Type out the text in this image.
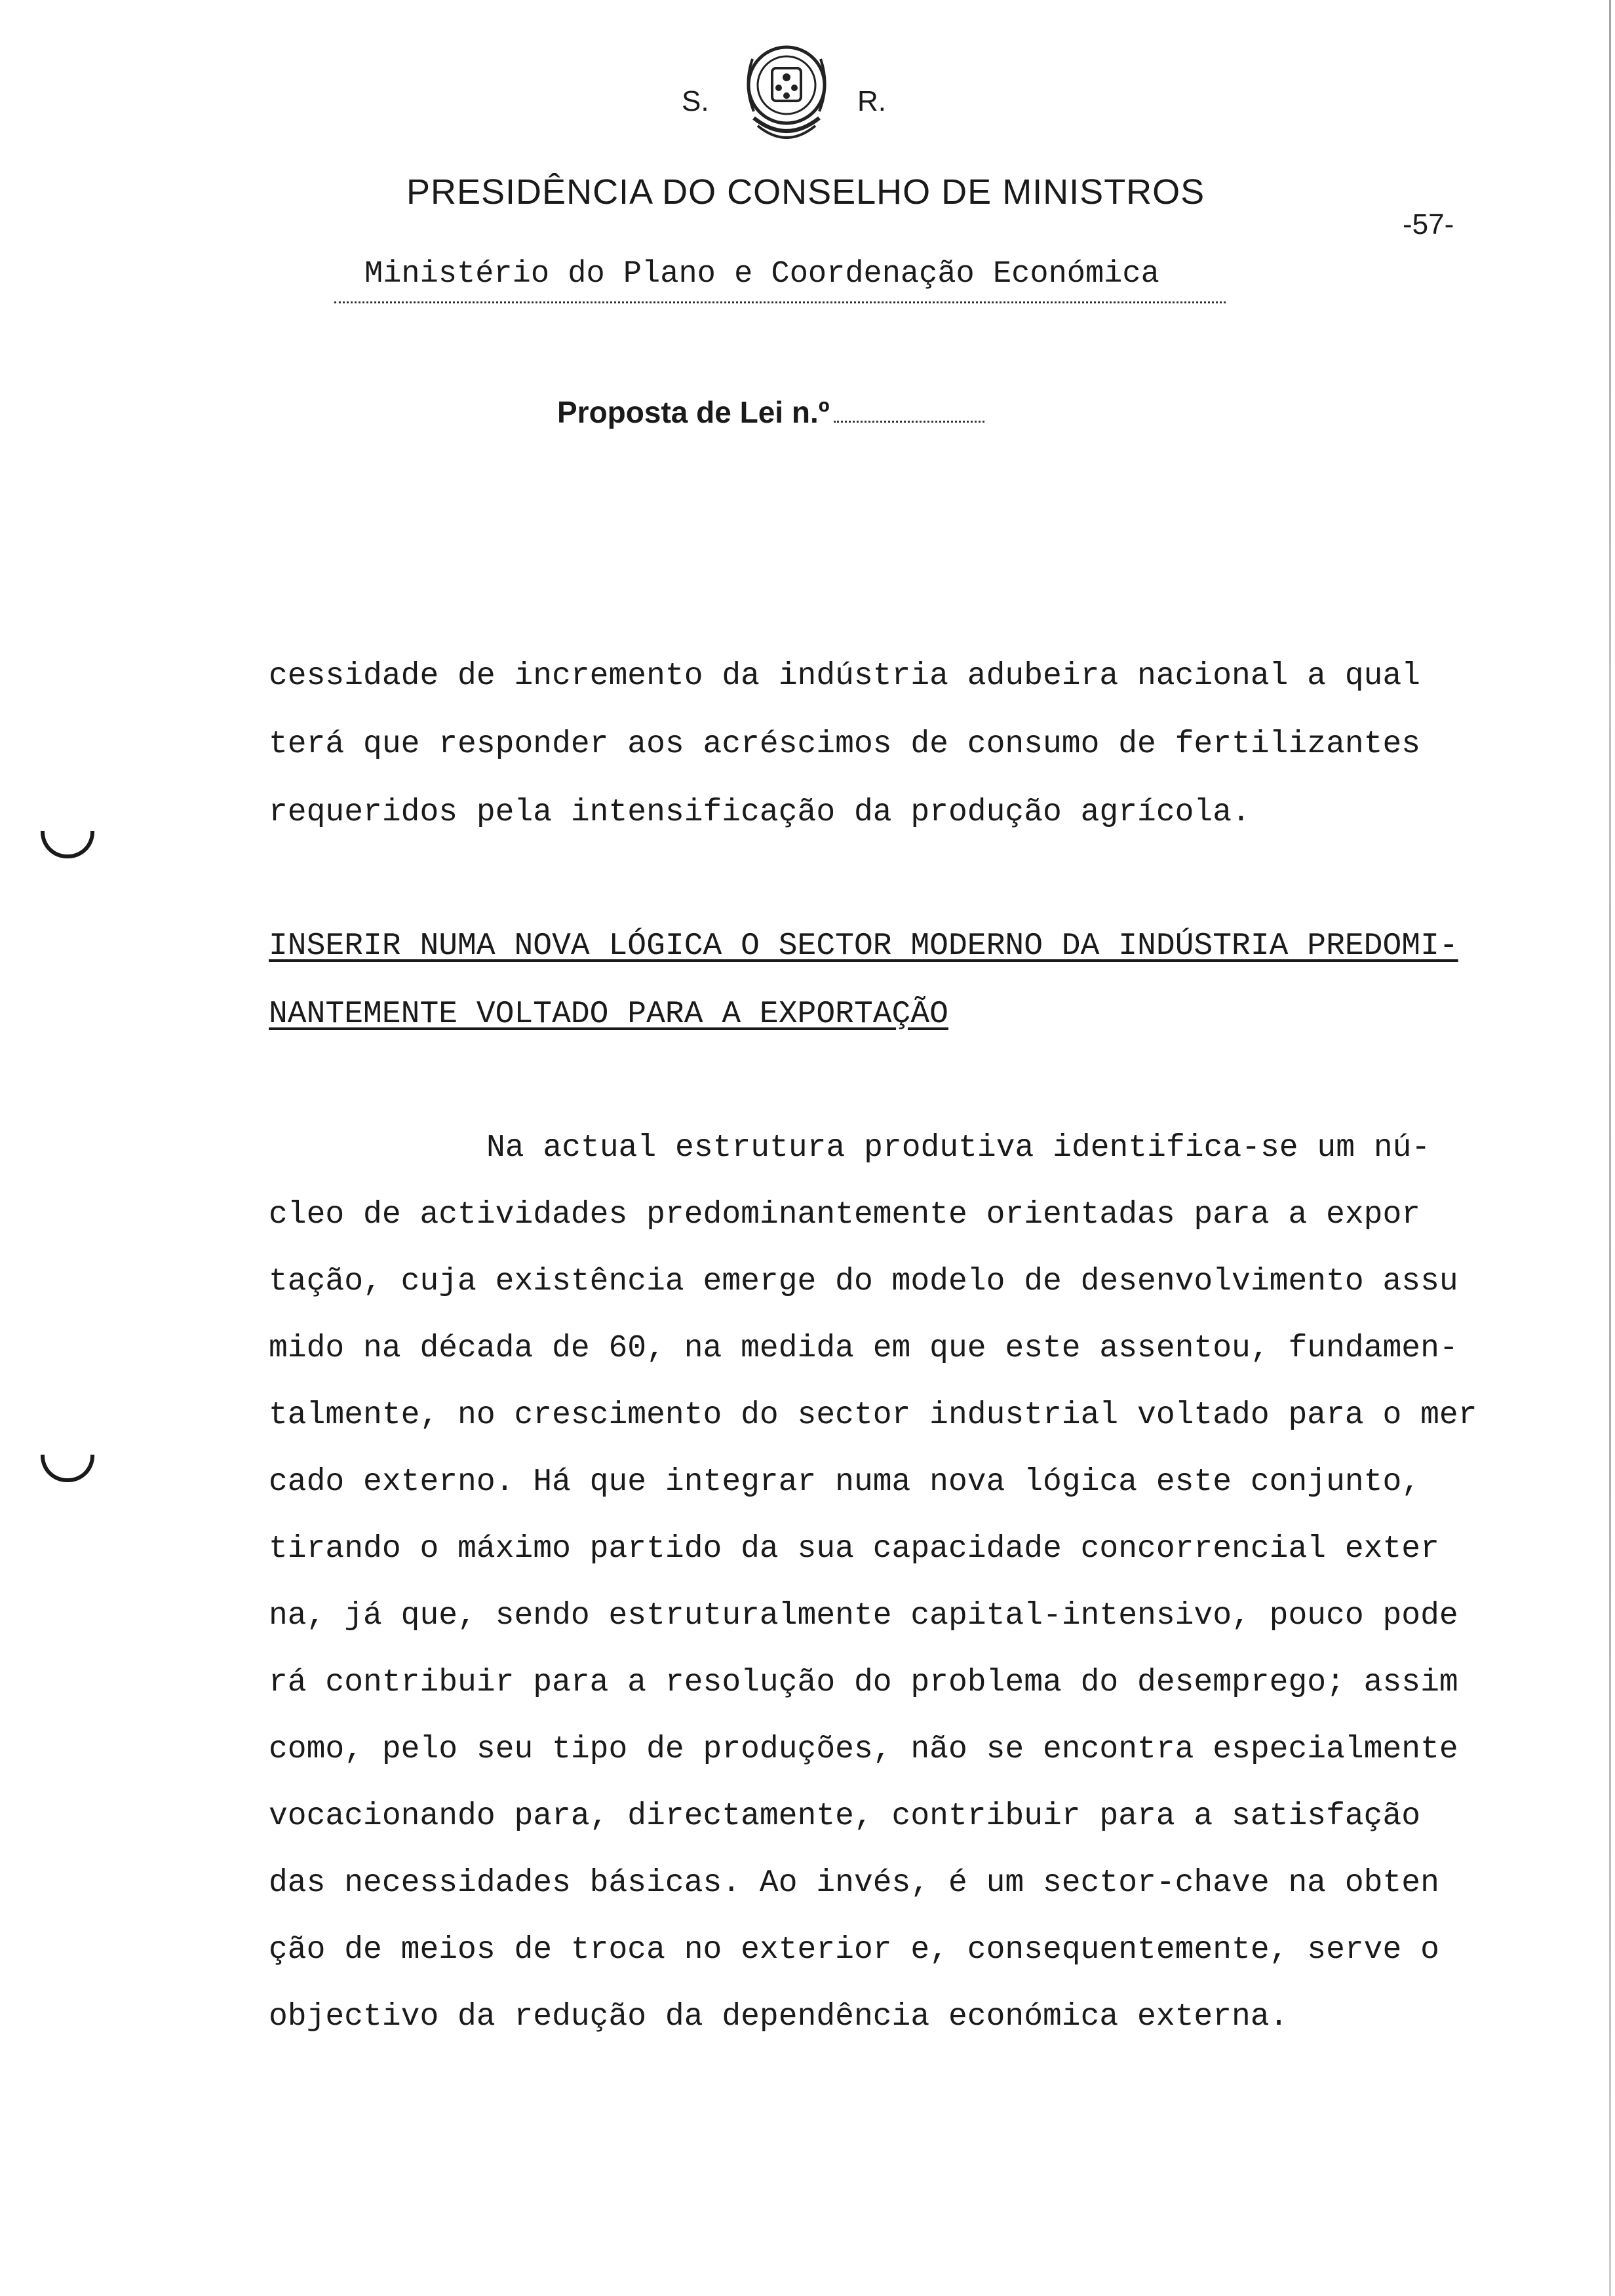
S.	R.
PRESIDÊNCIA DO CONSELHO DE MINISTROS
-57-
Ministério do Plano e Coordenação Económica
Proposta de Lei n.º
cessidade de incremento da indústria adubeira nacional a qual
terá que responder aos acréscimos de consumo de fertilizantes
requeridos pela intensificação da produção agrícola.
INSERIR NUMA NOVA LÓGICA O SECTOR MODERNO DA INDÚSTRIA PREDOMI-
NANTEMENTE VOLTADO PARA A EXPORTAÇÃO
Na actual estrutura produtiva identifica-se um nú-
cleo de actividades predominantemente orientadas para a expor
tação, cuja existência emerge do modelo de desenvolvimento assu
mido na década de 60, na medida em que este assentou, fundamen-
talmente, no crescimento do sector industrial voltado para o mer
cado externo. Há que integrar numa nova lógica este conjunto,
tirando o máximo partido da sua capacidade concorrencial exter
na, já que, sendo estruturalmente capital-intensivo, pouco pode
rá contribuir para a resolução do problema do desemprego; assim
como, pelo seu tipo de produções, não se encontra especialmente
vocacionando para, directamente, contribuir para a satisfação
das necessidades básicas. Ao invés, é um sector-chave na obten
ção de meios de troca no exterior e, consequentemente, serve o
objectivo da redução da dependência económica externa.
